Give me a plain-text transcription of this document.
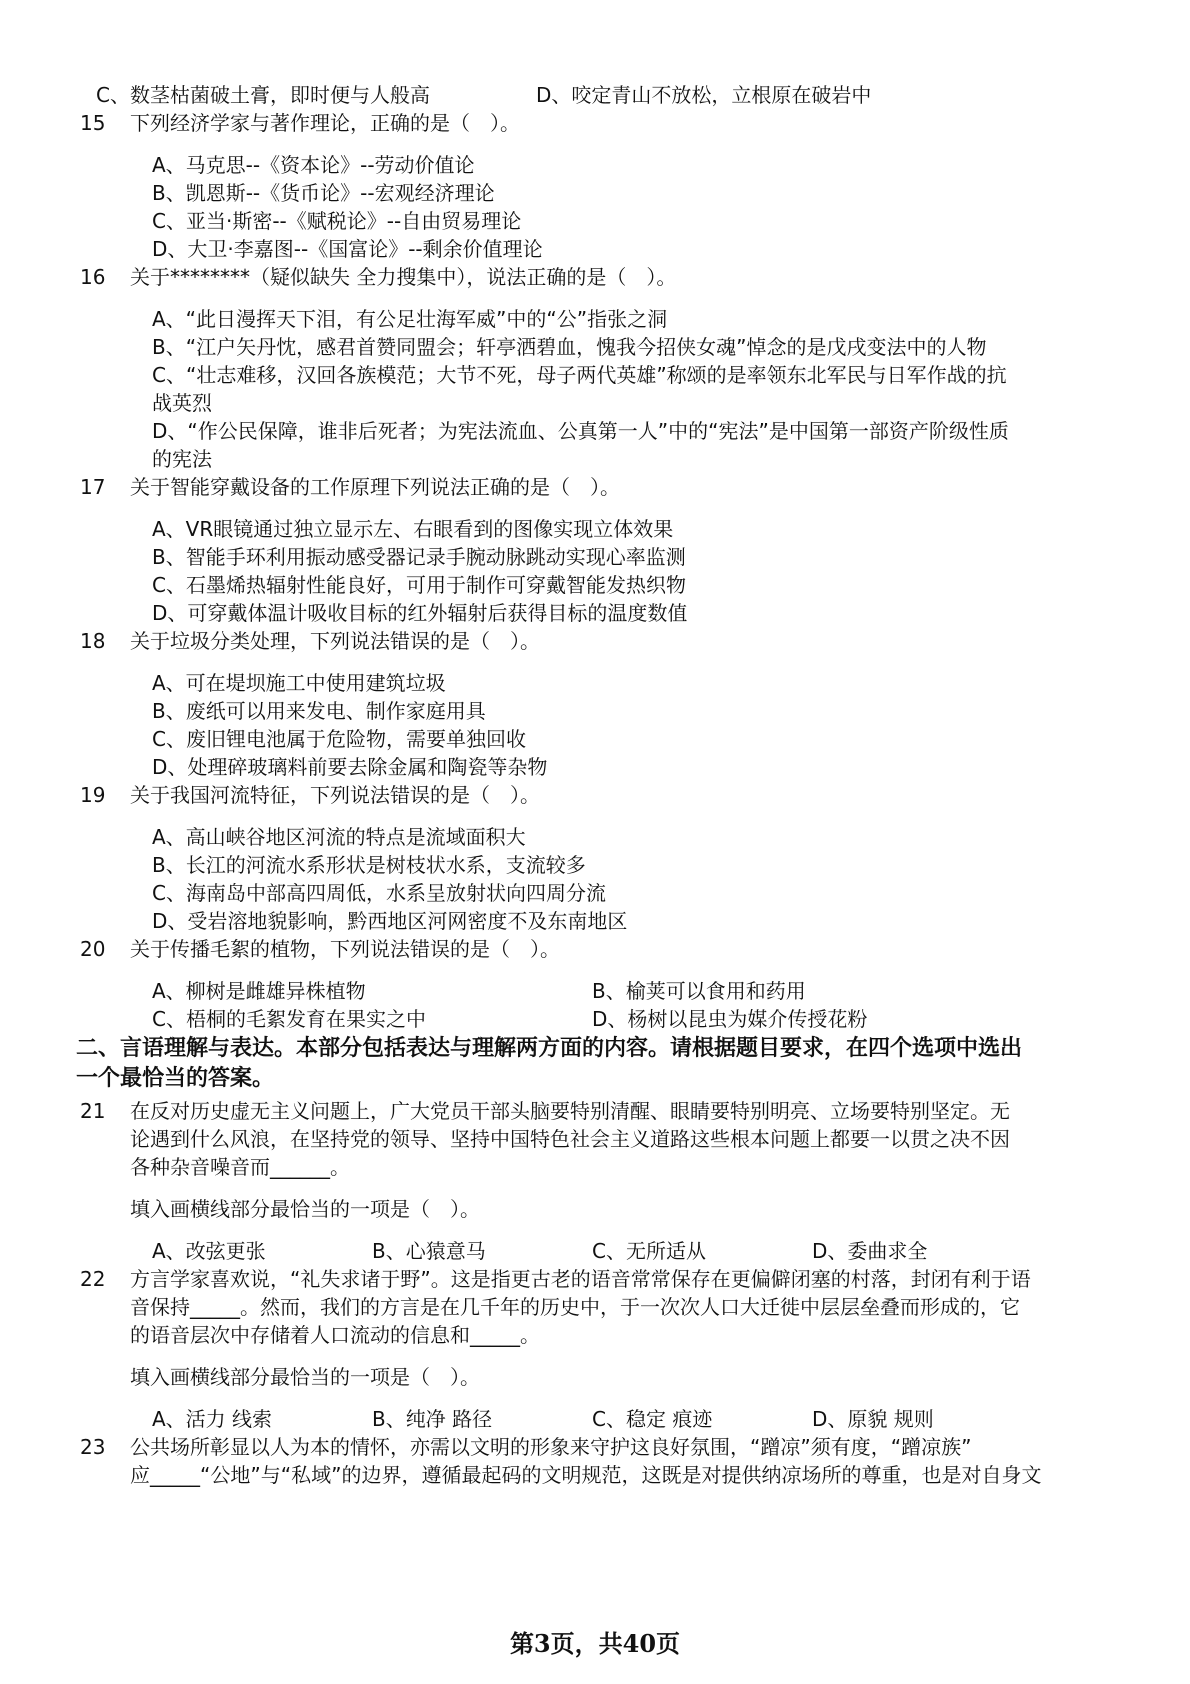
C、数茎枯菌破土膏，即时便与人般高	D、咬定青山不放松，立根原在破岩中
15 下列经济学家与著作理论，正确的是（　）。
A、马克思--《资本论》--劳动价值论
B、凯恩斯--《货币论》--宏观经济理论
C、亚当·斯密--《赋税论》--自由贸易理论
D、大卫·李嘉图--《国富论》--剩余价值理论
16 关于********（疑似缺失 全力搜集中），说法正确的是（　）。
A、“此日漫挥天下泪，有公足壮海军威”中的“公”指张之洞
B、“江户矢丹忱，感君首赞同盟会；轩亭洒碧血，愧我今招侠女魂”悼念的是戊戌变法中的人物
C、“壮志难移，汉回各族模范；大节不死，母子两代英雄”称颂的是率领东北军民与日军作战的抗
战英烈
D、“作公民保障，谁非后死者；为宪法流血、公真第一人”中的“宪法”是中国第一部资产阶级性质
的宪法
17 关于智能穿戴设备的工作原理下列说法正确的是（　）。
A、VR眼镜通过独立显示左、右眼看到的图像实现立体效果
B、智能手环利用振动感受器记录手腕动脉跳动实现心率监测
C、石墨烯热辐射性能良好，可用于制作可穿戴智能发热织物
D、可穿戴体温计吸收目标的红外辐射后获得目标的温度数值
18 关于垃圾分类处理，下列说法错误的是（　）。
A、可在堤坝施工中使用建筑垃圾
B、废纸可以用来发电、制作家庭用具
C、废旧锂电池属于危险物，需要单独回收
D、处理碎玻璃料前要去除金属和陶瓷等杂物
19 关于我国河流特征，下列说法错误的是（　）。
A、高山峡谷地区河流的特点是流域面积大
B、长江的河流水系形状是树枝状水系，支流较多
C、海南岛中部高四周低，水系呈放射状向四周分流
D、受岩溶地貌影响，黔西地区河网密度不及东南地区
20 关于传播毛絮的植物，下列说法错误的是（　）。
A、柳树是雌雄异株植物	B、榆荚可以食用和药用
C、梧桐的毛絮发育在果实之中	D、杨树以昆虫为媒介传授花粉
二、言语理解与表达。本部分包括表达与理解两方面的内容。请根据题目要求，在四个选项中选出
一个最恰当的答案。
21 在反对历史虚无主义问题上，广大党员干部头脑要特别清醒、眼睛要特别明亮、立场要特别坚定。无
论遇到什么风浪，在坚持党的领导、坚持中国特色社会主义道路这些根本问题上都要一以贯之决不因
各种杂音噪音而______。
填入画横线部分最恰当的一项是（　）。
A、改弦更张	B、心猿意马	C、无所适从	D、委曲求全
22 方言学家喜欢说，“礼失求诸于野”。这是指更古老的语音常常保存在更偏僻闭塞的村落，封闭有利于语
音保持_____。然而，我们的方言是在几千年的历史中，于一次次人口大迁徙中层层垒叠而形成的，它
的语音层次中存储着人口流动的信息和_____。
填入画横线部分最恰当的一项是（　）。
A、活力 线索	B、纯净 路径	C、稳定 痕迹	D、原貌 规则
23 公共场所彰显以人为本的情怀，亦需以文明的形象来守护这良好氛围，“蹭凉”须有度，“蹭凉族”
应_____“公地”与“私域”的边界，遵循最起码的文明规范，这既是对提供纳凉场所的尊重，也是对自身文
第3页，共40页
